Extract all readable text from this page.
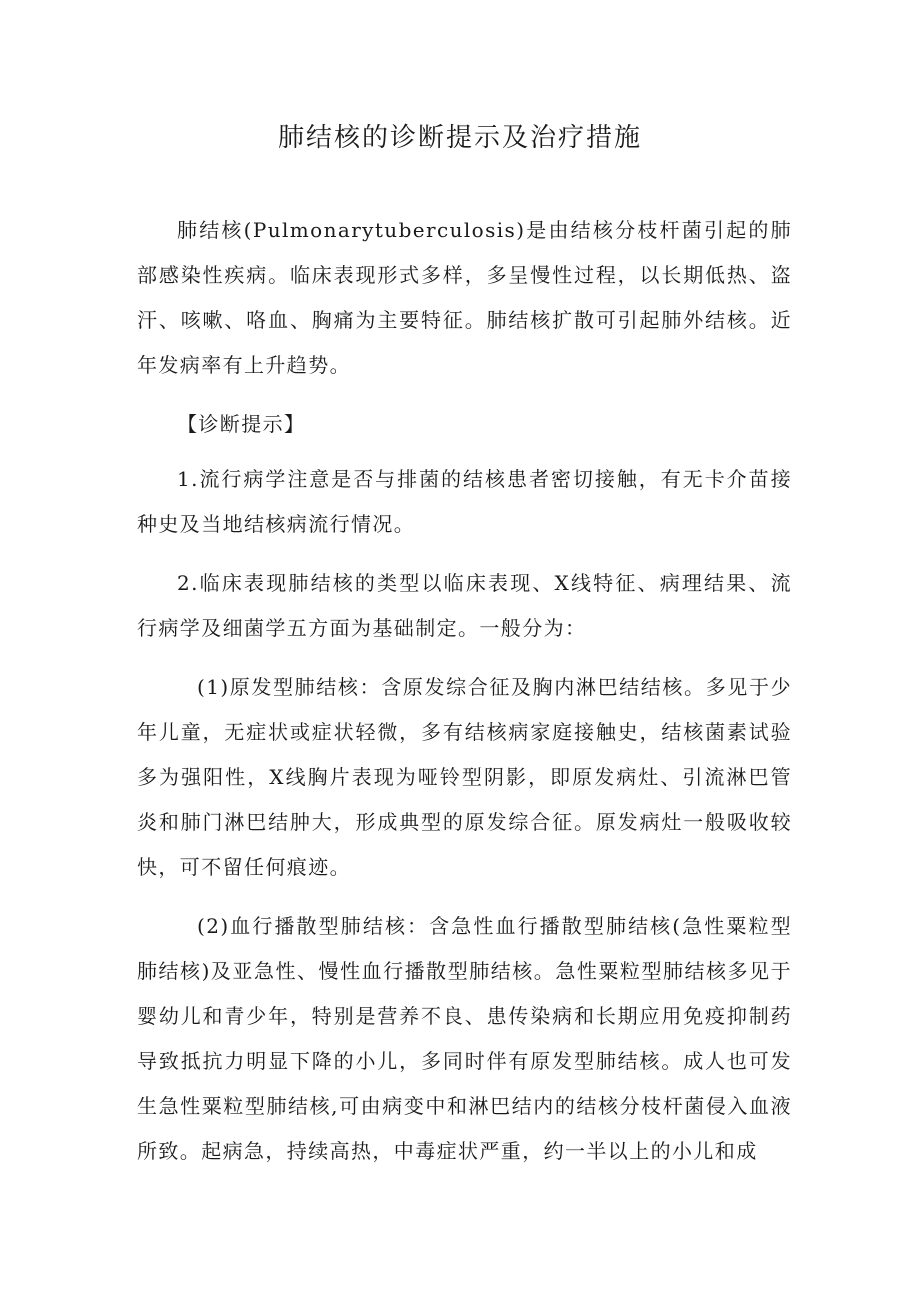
肺结核的诊断提示及治疗措施

肺结核(Pulmonarytuberculosis)是由结核分枝杆菌引起的肺部感染性疾病。临床表现形式多样，多呈慢性过程，以长期低热、盗汗、咳嗽、咯血、胸痛为主要特征。肺结核扩散可引起肺外结核。近年发病率有上升趋势。

【诊断提示】

1.流行病学注意是否与排菌的结核患者密切接触，有无卡介苗接种史及当地结核病流行情况。

2.临床表现肺结核的类型以临床表现、X线特征、病理结果、流行病学及细菌学五方面为基础制定。一般分为：

(1)原发型肺结核：含原发综合征及胸内淋巴结结核。多见于少年儿童，无症状或症状轻微，多有结核病家庭接触史，结核菌素试验多为强阳性，X线胸片表现为哑铃型阴影，即原发病灶、引流淋巴管炎和肺门淋巴结肿大，形成典型的原发综合征。原发病灶一般吸收较快，可不留任何痕迹。

(2)血行播散型肺结核：含急性血行播散型肺结核(急性粟粒型肺结核)及亚急性、慢性血行播散型肺结核。急性粟粒型肺结核多见于婴幼儿和青少年，特别是营养不良、患传染病和长期应用免疫抑制药导致抵抗力明显下降的小儿，多同时伴有原发型肺结核。成人也可发生急性粟粒型肺结核,可由病变中和淋巴结内的结核分枝杆菌侵入血液所致。起病急，持续高热，中毒症状严重，约一半以上的小儿和成
